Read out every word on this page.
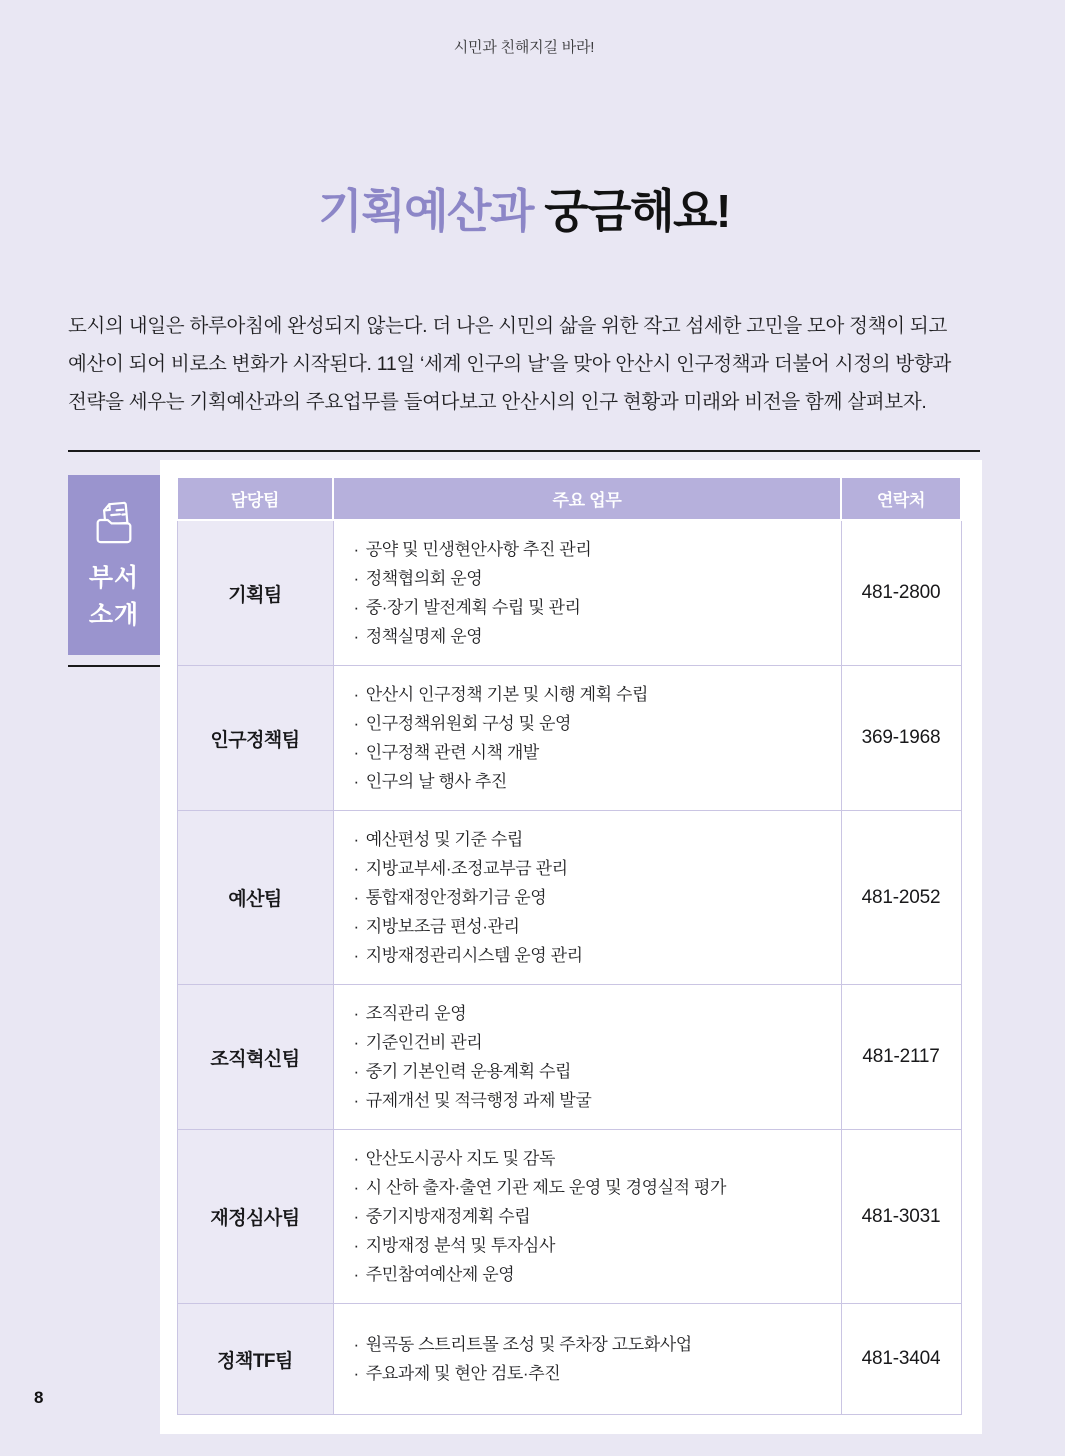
시민과 친해지길 바라!
기획예산과 궁금해요!
도시의 내일은 하루아침에 완성되지 않는다. 더 나은 시민의 삶을 위한 작고 섬세한 고민을 모아 정책이 되고
예산이 되어 비로소 변화가 시작된다. 11일 ‘세계 인구의 날’을 맞아 안산시 인구정책과 더불어 시정의 방향과
전략을 세우는 기획예산과의 주요업무를 들여다보고 안산시의 인구 현황과 미래와 비전을 함께 살펴보자.
부서
소개
담당팀	주요 업무	연락처
기획팀	· 공약 및 민생현안사항 추진 관리
· 정책협의회 운영
· 중·장기 발전계획 수립 및 관리
· 정책실명제 운영	481-2800
인구정책팀	· 안산시 인구정책 기본 및 시행 계획 수립
· 인구정책위원회 구성 및 운영
· 인구정책 관련 시책 개발
· 인구의 날 행사 추진	369-1968
예산팀	· 예산편성 및 기준 수립
· 지방교부세·조정교부금 관리
· 통합재정안정화기금 운영
· 지방보조금 편성·관리
· 지방재정관리시스템 운영 관리	481-2052
조직혁신팀	· 조직관리 운영
· 기준인건비 관리
· 중기 기본인력 운용계획 수립
· 규제개선 및 적극행정 과제 발굴	481-2117
재정심사팀	· 안산도시공사 지도 및 감독
· 시 산하 출자·출연 기관 제도 운영 및 경영실적 평가
· 중기지방재정계획 수립
· 지방재정 분석 및 투자심사
· 주민참여예산제 운영	481-3031
정책TF팀	· 원곡동 스트리트몰 조성 및 주차장 고도화사업
· 주요과제 및 현안 검토·추진	481-3404
8
